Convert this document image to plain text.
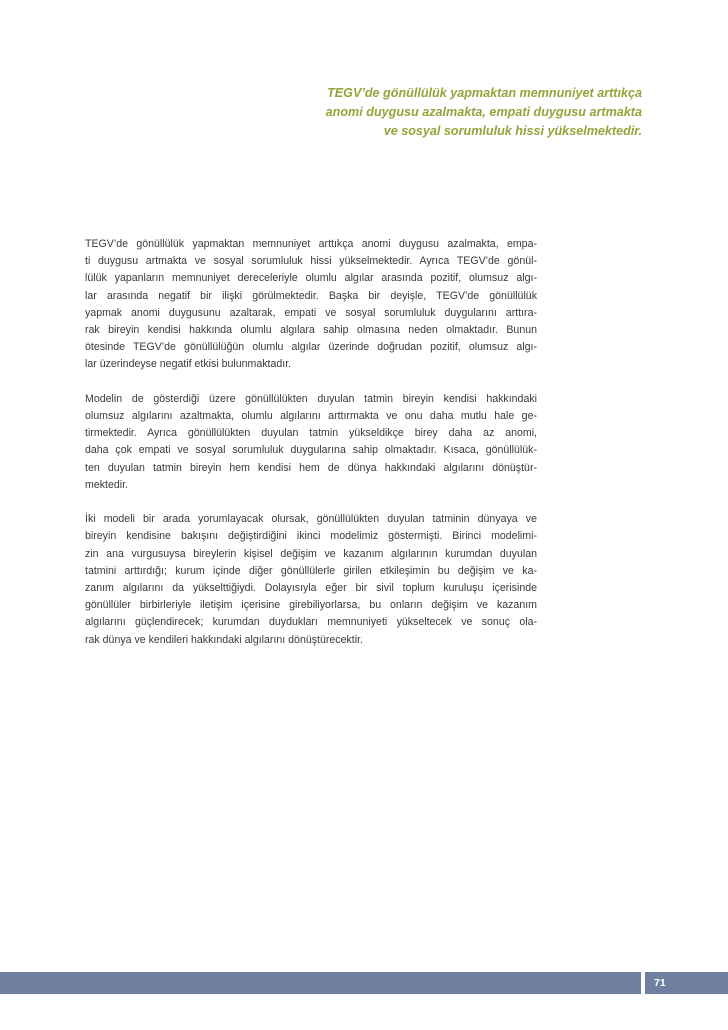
TEGV’de gönüllülük yapmaktan memnuniyet arttıkça
anomi duygusu azalmakta, empati duygusu artmakta
ve sosyal sorumluluk hissi yükselmektedir.

TEGV’de gönüllülük yapmaktan memnuniyet arttıkça anomi duygusu azalmakta, empa-
ti duygusu artmakta ve sosyal sorumluluk hissi yükselmektedir. Ayrıca TEGV’de gönül-
lülük yapanların memnuniyet dereceleriyle olumlu algılar arasında pozitif, olumsuz algı-
lar arasında negatif bir ilişki görülmektedir. Başka bir deyişle, TEGV’de gönüllülük
yapmak anomi duygusunu azaltarak, empati ve sosyal sorumluluk duygularını arttıra-
rak bireyin kendisi hakkında olumlu algılara sahip olmasına neden olmaktadır. Bunun
ötesinde TEGV’de gönüllülüğün olumlu algılar üzerinde doğrudan pozitif, olumsuz algı-
lar üzerindeyse negatif etkisi bulunmaktadır.

Modelin de gösterdiği üzere gönüllülükten duyulan tatmin bireyin kendisi hakkındaki
olumsuz algılarını azaltmakta, olumlu algılarını arttırmakta ve onu daha mutlu hale ge-
tirmektedir. Ayrıca gönüllülükten duyulan tatmin yükseldikçe birey daha az anomi,
daha çok empati ve sosyal sorumluluk duygularına sahip olmaktadır. Kısaca, gönüllülük-
ten duyulan tatmin bireyin hem kendisi hem de dünya hakkındaki algılarını dönüştür-
mektedir.

İki modeli bir arada yorumlayacak olursak, gönüllülükten duyulan tatminin dünyaya ve
bireyin kendisine bakışını değiştirdiğini ikinci modelimiz göstermişti. Birinci modelimi-
zin ana vurgusuysa bireylerin kişisel değişim ve kazanım algılarının kurumdan duyulan
tatmini arttırdığı; kurum içinde diğer gönüllülerle girilen etkileşimin bu değişim ve ka-
zanım algılarını da yükselttiğiydi. Dolayısıyla eğer bir sivil toplum kuruluşu içerisinde
gönüllüler birbirleriyle iletişim içerisine girebiliyorlarsa, bu onların değişim ve kazanım
algılarını güçlendirecek; kurumdan duydukları memnuniyeti yükseltecek ve sonuç ola-
rak dünya ve kendileri hakkındaki algılarını dönüştürecektir.

71
